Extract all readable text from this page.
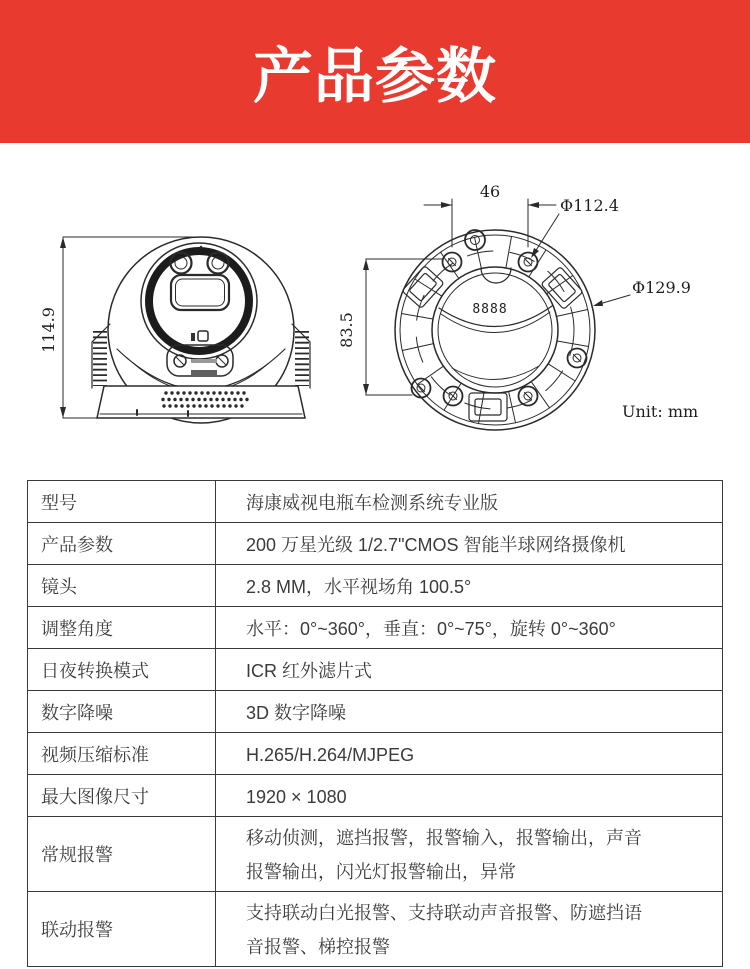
产品参数
114.9	8888
46
83.5
Φ112.4
Φ129.9
Unit: mm
型号	海康威视电瓶车检测系统专业版
产品参数	200 万星光级 1/2.7"CMOS 智能半球网络摄像机
镜头	2.8 MM，水平视场角 100.5°
调整角度	水平：0°~360°，垂直：0°~75°，旋转 0°~360°
日夜转换模式	ICR 红外滤片式
数字降噪	3D 数字降噪
视频压缩标准	H.265/H.264/MJPEG
最大图像尺寸	1920 × 1080
常规报警	移动侦测，遮挡报警，报警输入，报警输出，声音报警输出，闪光灯报警输出，异常
联动报警	支持联动白光报警、支持联动声音报警、防遮挡语音报警、梯控报警
